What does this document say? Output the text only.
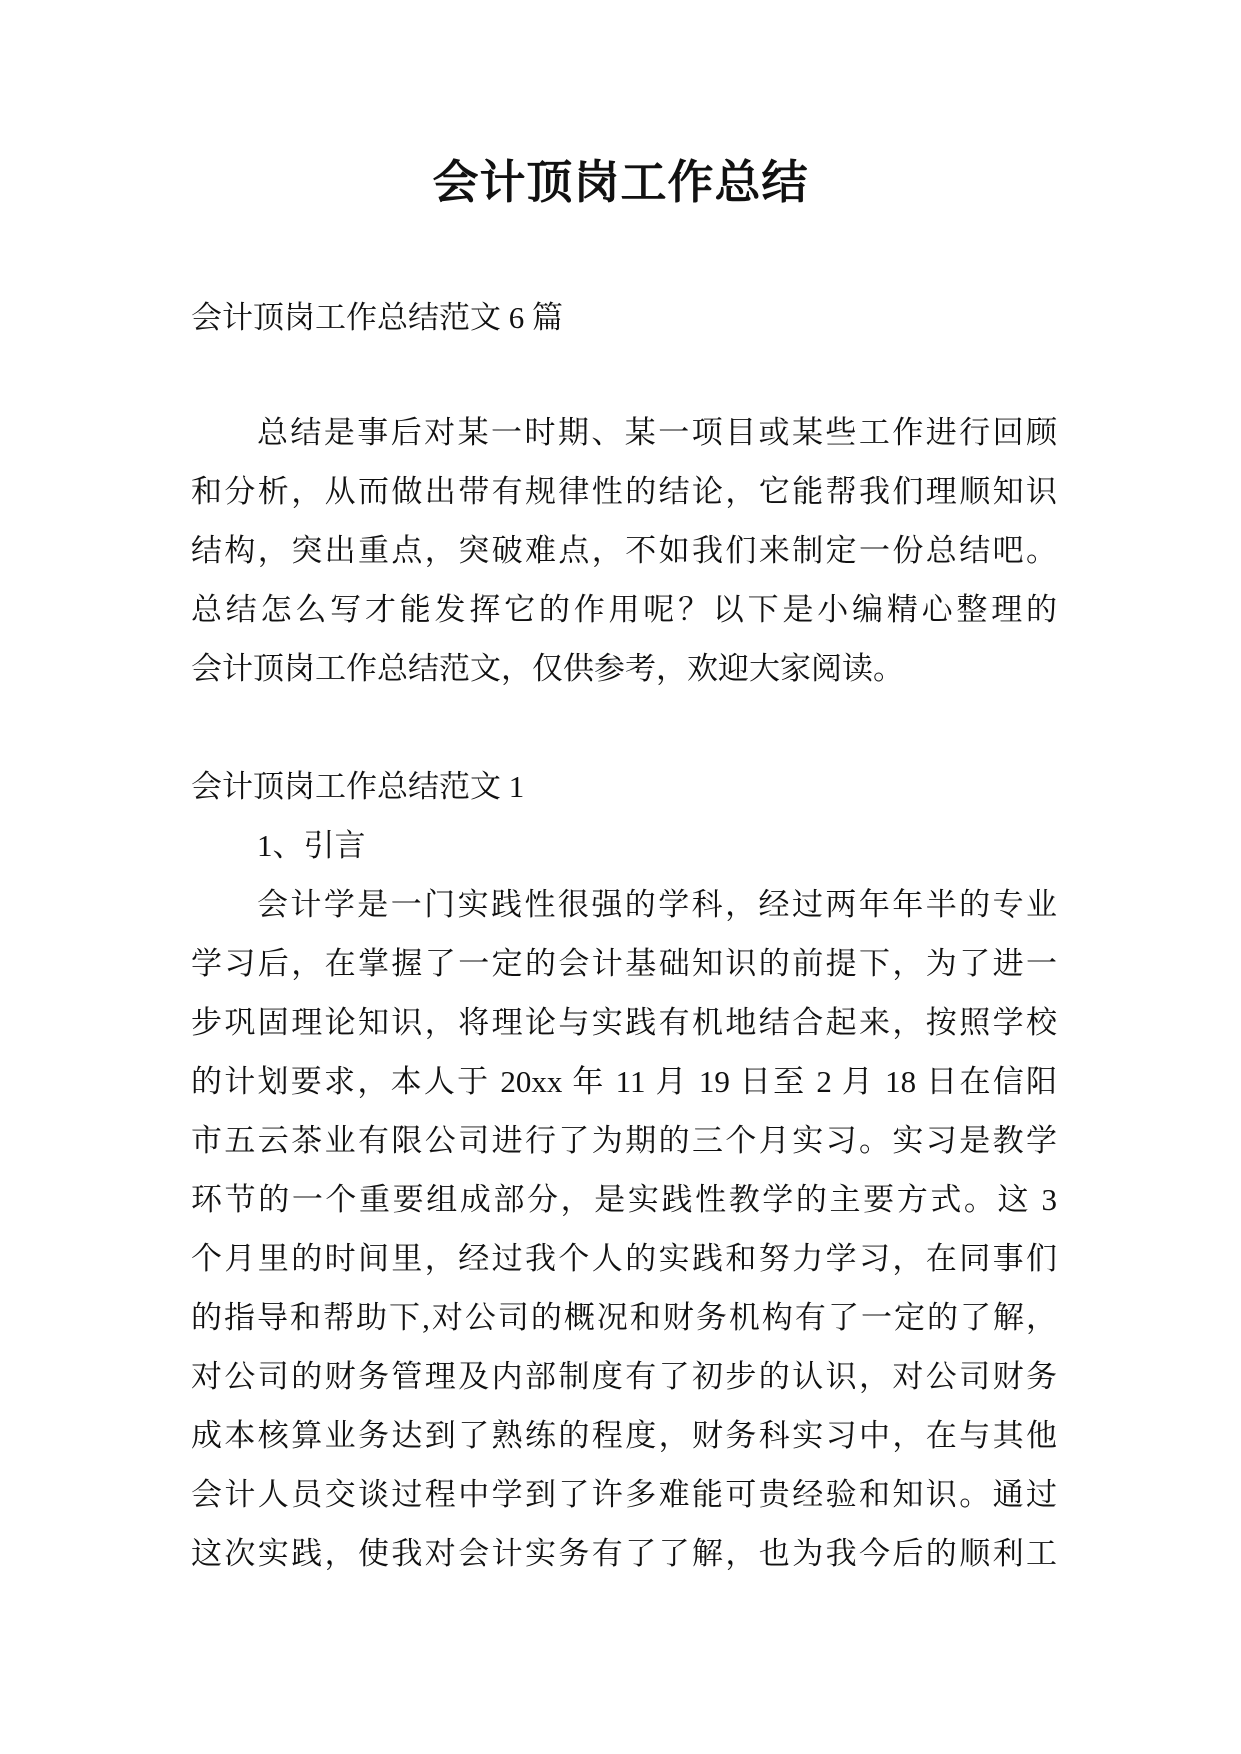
会计顶岗工作总结
会计顶岗工作总结范文 6 篇
总结是事后对某一时期、某一项目或某些工作进行回顾
和分析，从而做出带有规律性的结论，它能帮我们理顺知识
结构，突出重点，突破难点，不如我们来制定一份总结吧。
总结怎么写才能发挥它的作用呢？以下是小编精心整理的
会计顶岗工作总结范文，仅供参考，欢迎大家阅读。
会计顶岗工作总结范文 1
1、引言
会计学是一门实践性很强的学科，经过两年年半的专业
学习后，在掌握了一定的会计基础知识的前提下，为了进一
步巩固理论知识，将理论与实践有机地结合起来，按照学校
的计划要求，本人于 20xx 年 11 月 19 日至 2 月 18 日在信阳
市五云茶业有限公司进行了为期的三个月实习。实习是教学
环节的一个重要组成部分，是实践性教学的主要方式。这 3
个月里的时间里，经过我个人的实践和努力学习，在同事们
的指导和帮助下,对公司的概况和财务机构有了一定的了解，
对公司的财务管理及内部制度有了初步的认识，对公司财务
成本核算业务达到了熟练的程度，财务科实习中，在与其他
会计人员交谈过程中学到了许多难能可贵经验和知识。通过
这次实践，使我对会计实务有了了解，也为我今后的顺利工
